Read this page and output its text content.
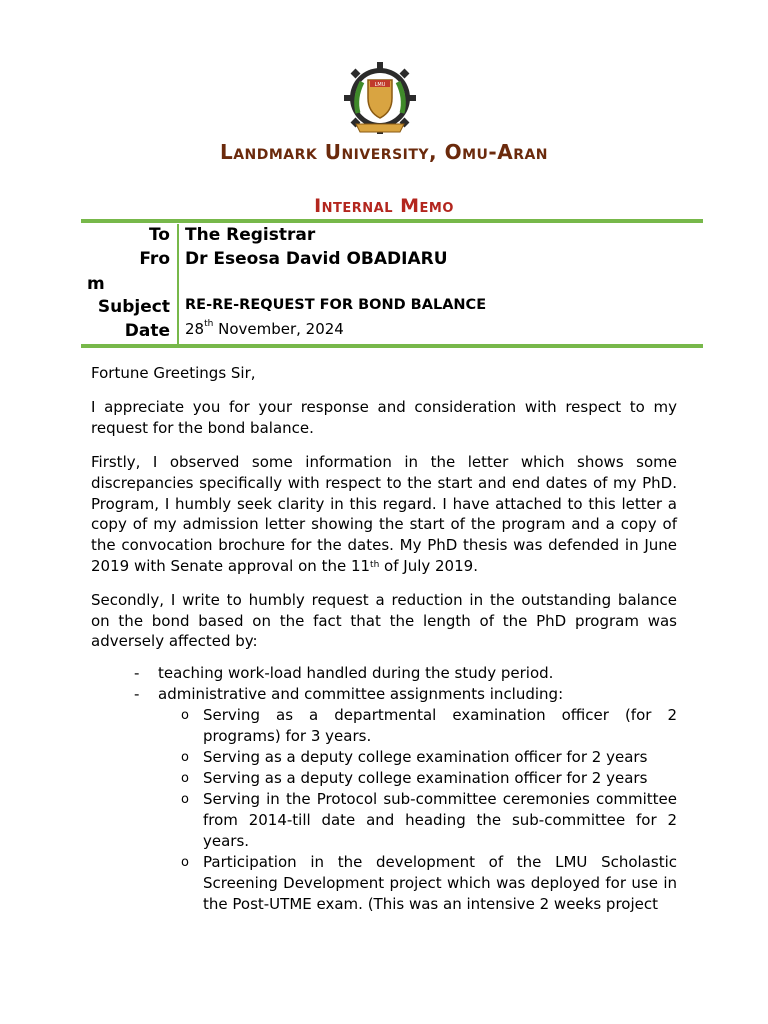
LMU
Landmark University, Omu-Aran
Internal Memo
To The Registrar
Fro Dr Eseosa David OBADIARU
m
Subject RE-RE-REQUEST FOR BOND BALANCE
Date 28th November, 2024

Fortune Greetings Sir,

I appreciate you for your response and consideration with respect to my request for the bond balance.

Firstly, I observed some information in the letter which shows some discrepancies specifically with respect to the start and end dates of my PhD. Program, I humbly seek clarity in this regard. I have attached to this letter a copy of my admission letter showing the start of the program and a copy of the convocation brochure for the dates. My PhD thesis was defended in June 2019 with Senate approval on the 11th of July 2019.

Secondly, I write to humbly request a reduction in the outstanding balance on the bond based on the fact that the length of the PhD program was adversely affected by:

- teaching work-load handled during the study period.
- administrative and committee assignments including:
o Serving as a departmental examination officer (for 2 programs) for 3 years.
o Serving as a deputy college examination officer for 2 years
o Serving as a deputy college examination officer for 2 years
o Serving in the Protocol sub-committee ceremonies committee from 2014-till date and heading the sub-committee for 2 years.
o Participation in the development of the LMU Scholastic Screening Development project which was deployed for use in the Post-UTME exam. (This was an intensive 2 weeks project
